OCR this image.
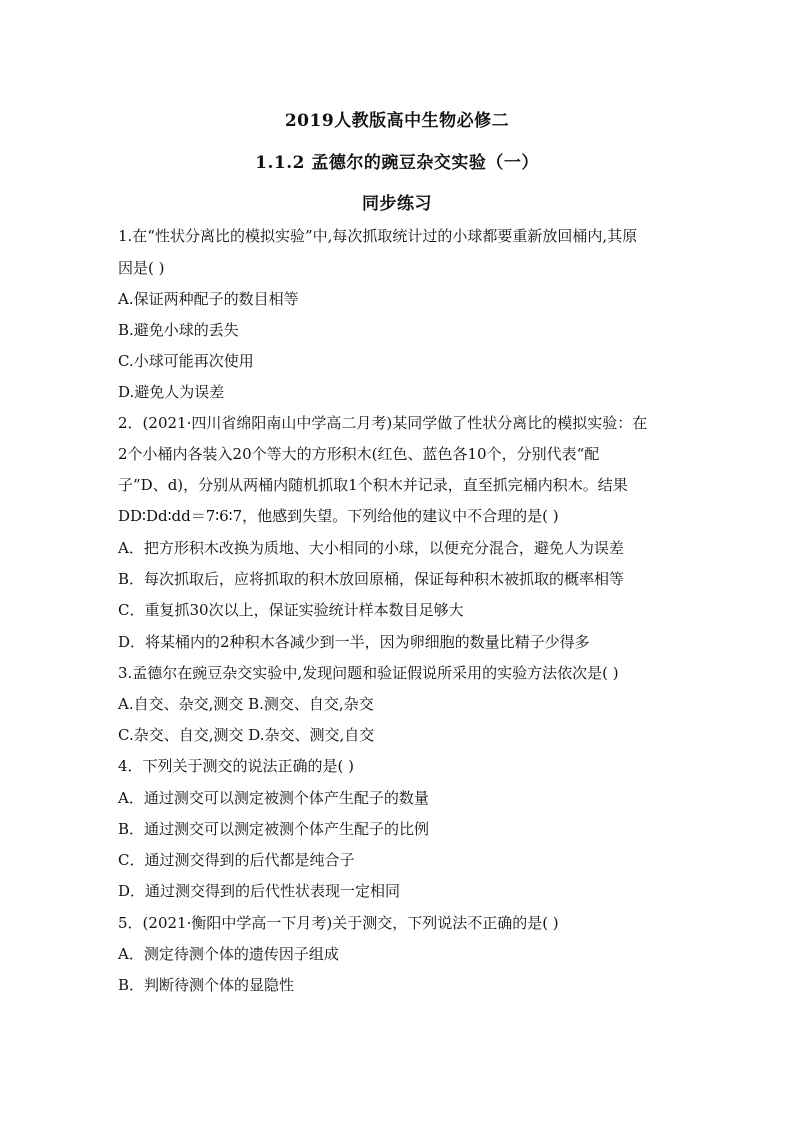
2019人教版高中生物必修二
1.1.2 孟德尔的豌豆杂交实验（一）
同步练习
1.在“性状分离比的模拟实验”中,每次抓取统计过的小球都要重新放回桶内,其原
因是( )
A.保证两种配子的数目相等
B.避免小球的丢失
C.小球可能再次使用
D.避免人为误差
2．(2021·四川省绵阳南山中学高二月考)某同学做了性状分离比的模拟实验：在
2个小桶内各装入20个等大的方形积木(红色、蓝色各10个，分别代表“配
子”D、d)，分别从两桶内随机抓取1个积木并记录，直至抓完桶内积木。结果
DD∶Dd∶dd＝7∶6∶7，他感到失望。下列给他的建议中不合理的是( )
A．把方形积木改换为质地、大小相同的小球，以便充分混合，避免人为误差
B．每次抓取后，应将抓取的积木放回原桶，保证每种积木被抓取的概率相等
C．重复抓30次以上，保证实验统计样本数目足够大
D．将某桶内的2种积木各减少到一半，因为卵细胞的数量比精子少得多
3.孟德尔在豌豆杂交实验中,发现问题和验证假说所采用的实验方法依次是( )
A.自交、杂交,测交 B.测交、自交,杂交
C.杂交、自交,测交 D.杂交、测交,自交
4．下列关于测交的说法正确的是( )
A．通过测交可以测定被测个体产生配子的数量
B．通过测交可以测定被测个体产生配子的比例
C．通过测交得到的后代都是纯合子
D．通过测交得到的后代性状表现一定相同
5．(2021·衡阳中学高一下月考)关于测交，下列说法不正确的是( )
A．测定待测个体的遗传因子组成
B．判断待测个体的显隐性
